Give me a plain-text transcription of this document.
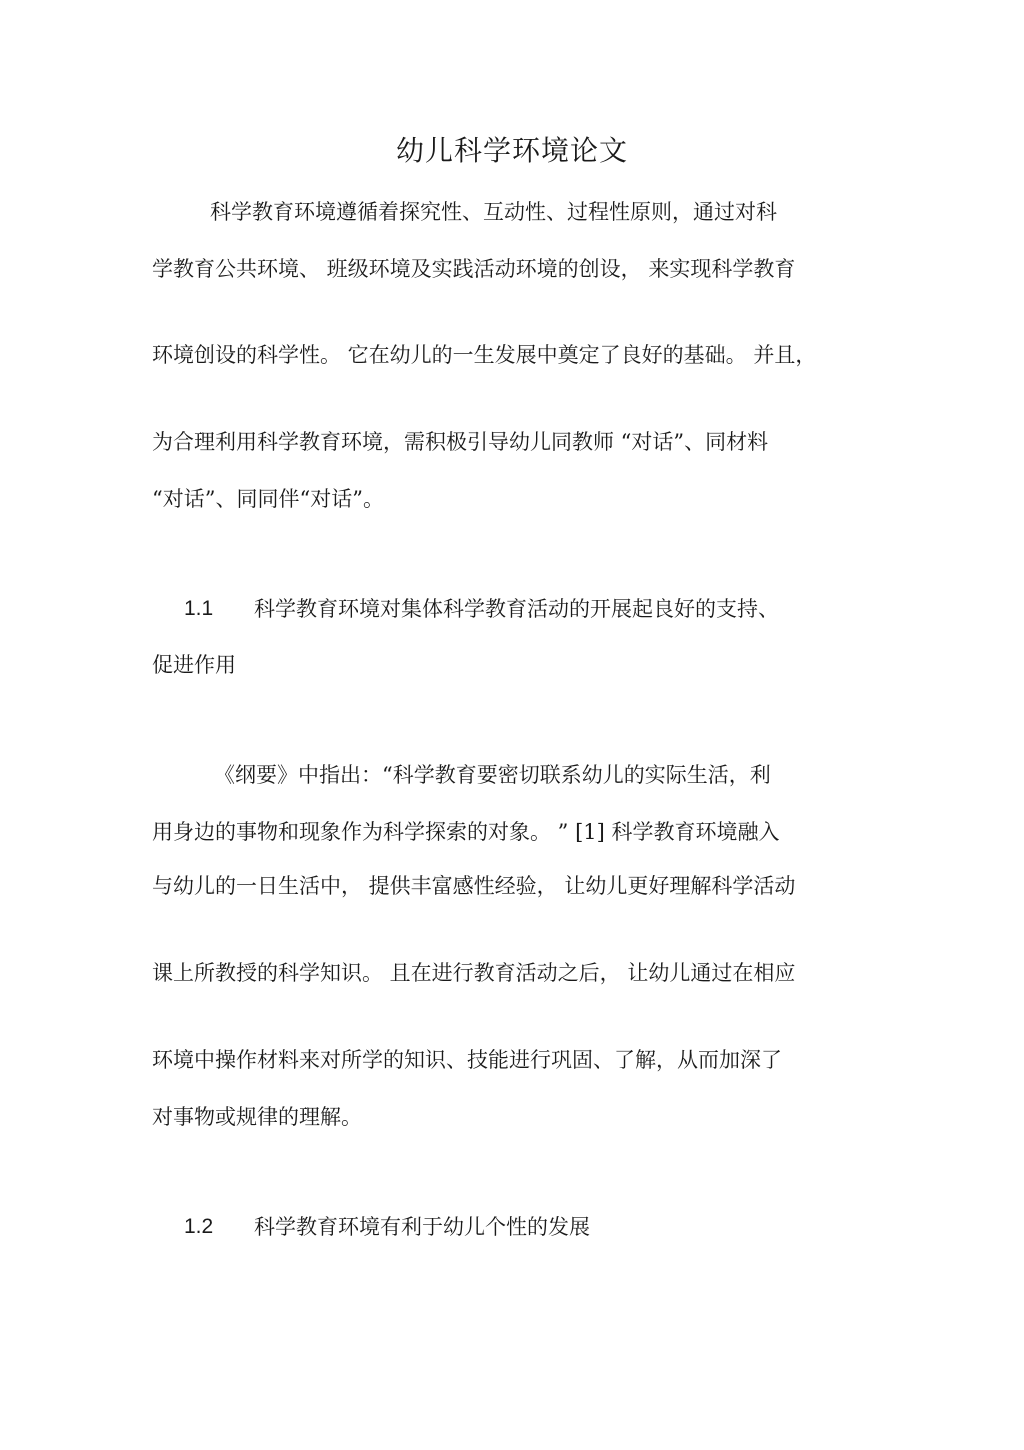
幼儿科学环境论文
科学教育环境遵循着探究性、互动性、过程性原则，通过对科
学教育公共环境、 班级环境及实践活动环境的创设， 来实现科学教育
环境创设的科学性。 它在幼儿的一生发展中奠定了良好的基础。 并且，
为合理利用科学教育环境，需积极引导幼儿同教师 “对话”、同材料
“对话”、同同伴“对话”。
1.1 科学教育环境对集体科学教育活动的开展起良好的支持、
促进作用
《纲要》中指出：“科学教育要密切联系幼儿的实际生活，利
用身边的事物和现象作为科学探索的对象。 ” [1] 科学教育环境融入
与幼儿的一日生活中， 提供丰富感性经验， 让幼儿更好理解科学活动
课上所教授的科学知识。 且在进行教育活动之后， 让幼儿通过在相应
环境中操作材料来对所学的知识、技能进行巩固、了解，从而加深了
对事物或规律的理解。
1.2 科学教育环境有利于幼儿个性的发展
